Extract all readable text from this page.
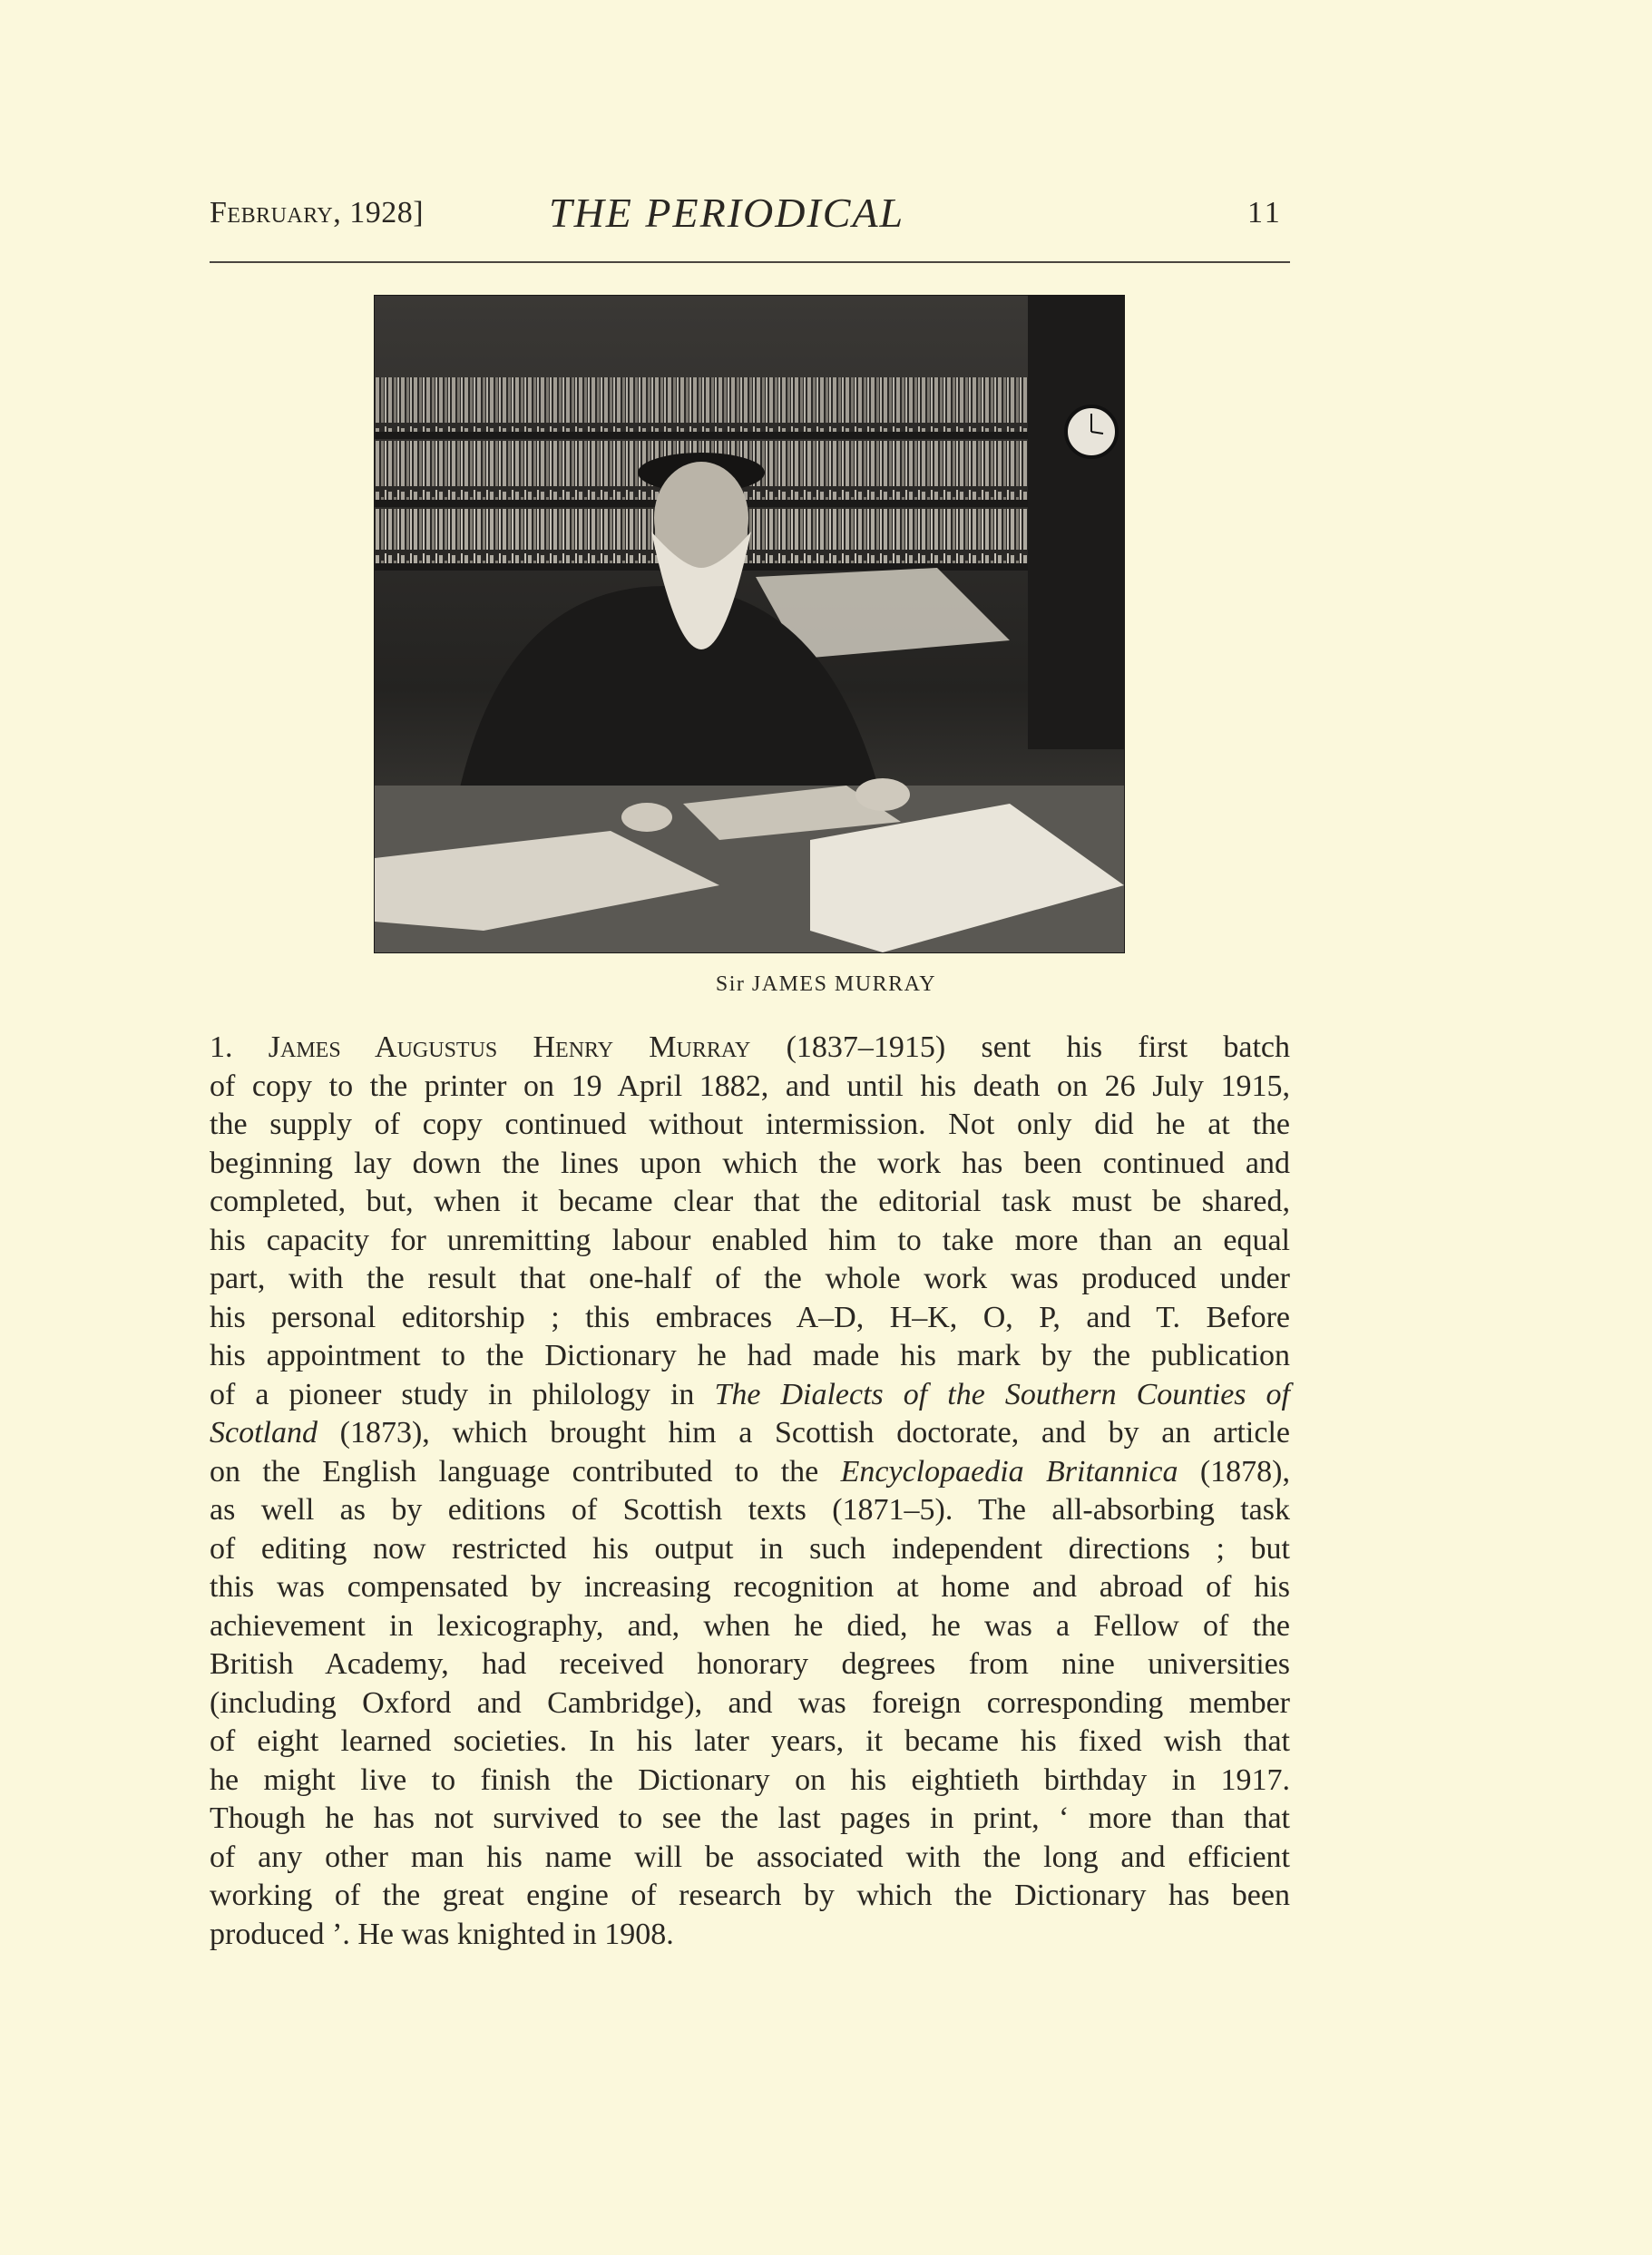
February, 1928]	THE PERIODICAL	11
Sir JAMES MURRAY
1. James Augustus Henry Murray (1837–1915) sent his first batch
of copy to the printer on 19 April 1882, and until his death on 26 July 1915,
the supply of copy continued without intermission. Not only did he at the
beginning lay down the lines upon which the work has been continued and
completed, but, when it became clear that the editorial task must be shared,
his capacity for unremitting labour enabled him to take more than an equal
part, with the result that one-half of the whole work was produced under
his personal editorship ; this embraces A–D, H–K, O, P, and T. Before
his appointment to the Dictionary he had made his mark by the publication
of a pioneer study in philology in The Dialects of the Southern Counties of
Scotland (1873), which brought him a Scottish doctorate, and by an article
on the English language contributed to the Encyclopaedia Britannica (1878),
as well as by editions of Scottish texts (1871–5). The all-absorbing task
of editing now restricted his output in such independent directions ; but
this was compensated by increasing recognition at home and abroad of his
achievement in lexicography, and, when he died, he was a Fellow of the
British Academy, had received honorary degrees from nine universities
(including Oxford and Cambridge), and was foreign corresponding member
of eight learned societies. In his later years, it became his fixed wish that
he might live to finish the Dictionary on his eightieth birthday in 1917.
Though he has not survived to see the last pages in print, ‘ more than that
of any other man his name will be associated with the long and efficient
working of the great engine of research by which the Dictionary has been
produced ’. He was knighted in 1908.
